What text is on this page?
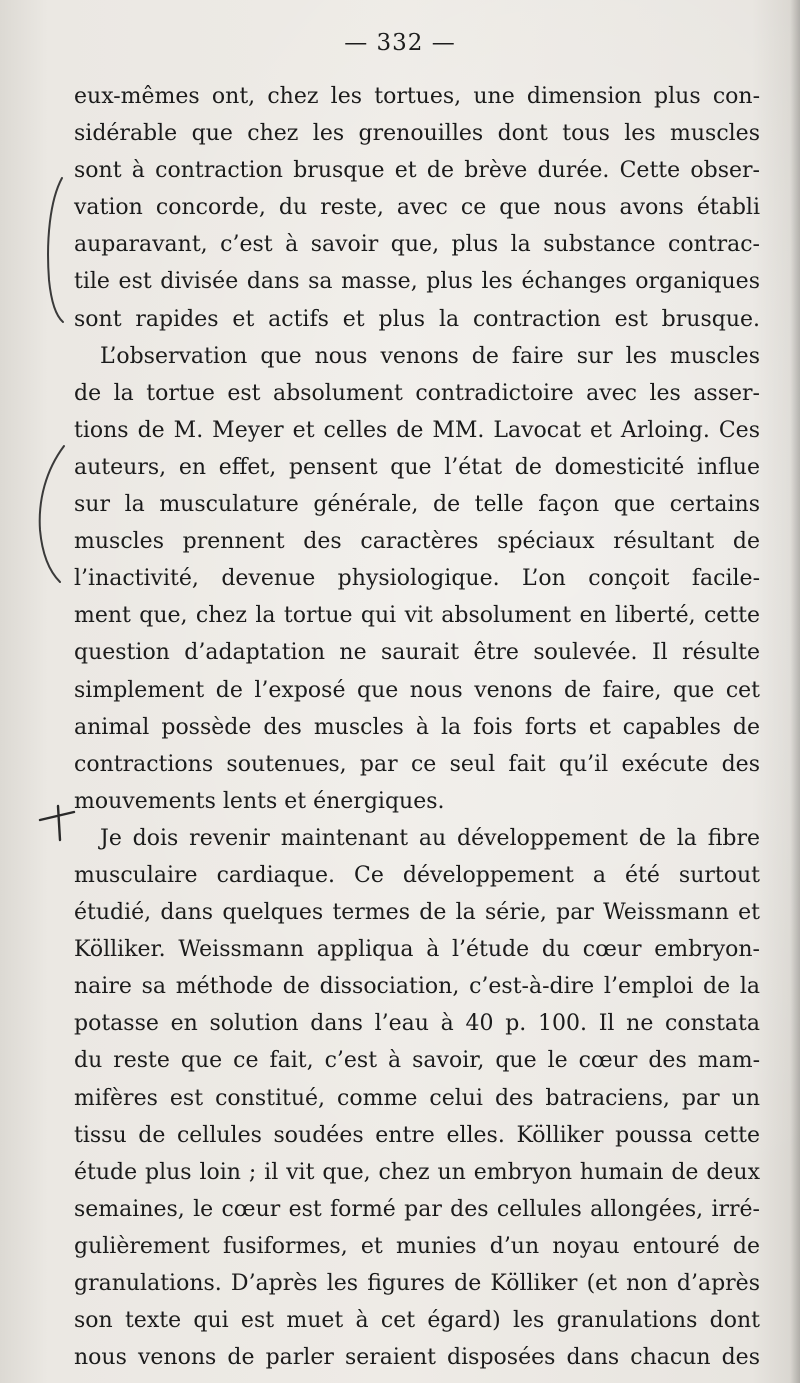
— 332 —
eux-mêmes ont, chez les tortues, une dimension plus con-
sidérable que chez les grenouilles dont tous les muscles
sont à contraction brusque et de brève durée. Cette obser-
vation concorde, du reste, avec ce que nous avons établi
auparavant, c’est à savoir que, plus la substance contrac-
tile est divisée dans sa masse, plus les échanges organiques
sont rapides et actifs et plus la contraction est brusque.
L’observation que nous venons de faire sur les muscles
de la tortue est absolument contradictoire avec les asser-
tions de M. Meyer et celles de MM. Lavocat et Arloing. Ces
auteurs, en effet, pensent que l’état de domesticité influe
sur la musculature générale, de telle façon que certains
muscles prennent des caractères spéciaux résultant de
l’inactivité, devenue physiologique. L’on conçoit facile-
ment que, chez la tortue qui vit absolument en liberté, cette
question d’adaptation ne saurait être soulevée. Il résulte
simplement de l’exposé que nous venons de faire, que cet
animal possède des muscles à la fois forts et capables de
contractions soutenues, par ce seul fait qu’il exécute des
mouvements lents et énergiques.
Je dois revenir maintenant au développement de la fibre
musculaire cardiaque. Ce développement a été surtout
étudié, dans quelques termes de la série, par Weissmann et
Kölliker. Weissmann appliqua à l’étude du cœur embryon-
naire sa méthode de dissociation, c’est-à-dire l’emploi de la
potasse en solution dans l’eau à 40 p. 100. Il ne constata
du reste que ce fait, c’est à savoir, que le cœur des mam-
mifères est constitué, comme celui des batraciens, par un
tissu de cellules soudées entre elles. Kölliker poussa cette
étude plus loin ; il vit que, chez un embryon humain de deux
semaines, le cœur est formé par des cellules allongées, irré-
gulièrement fusiformes, et munies d’un noyau entouré de
granulations. D’après les figures de Kölliker (et non d’après
son texte qui est muet à cet égard) les granulations dont
nous venons de parler seraient disposées dans chacun des
